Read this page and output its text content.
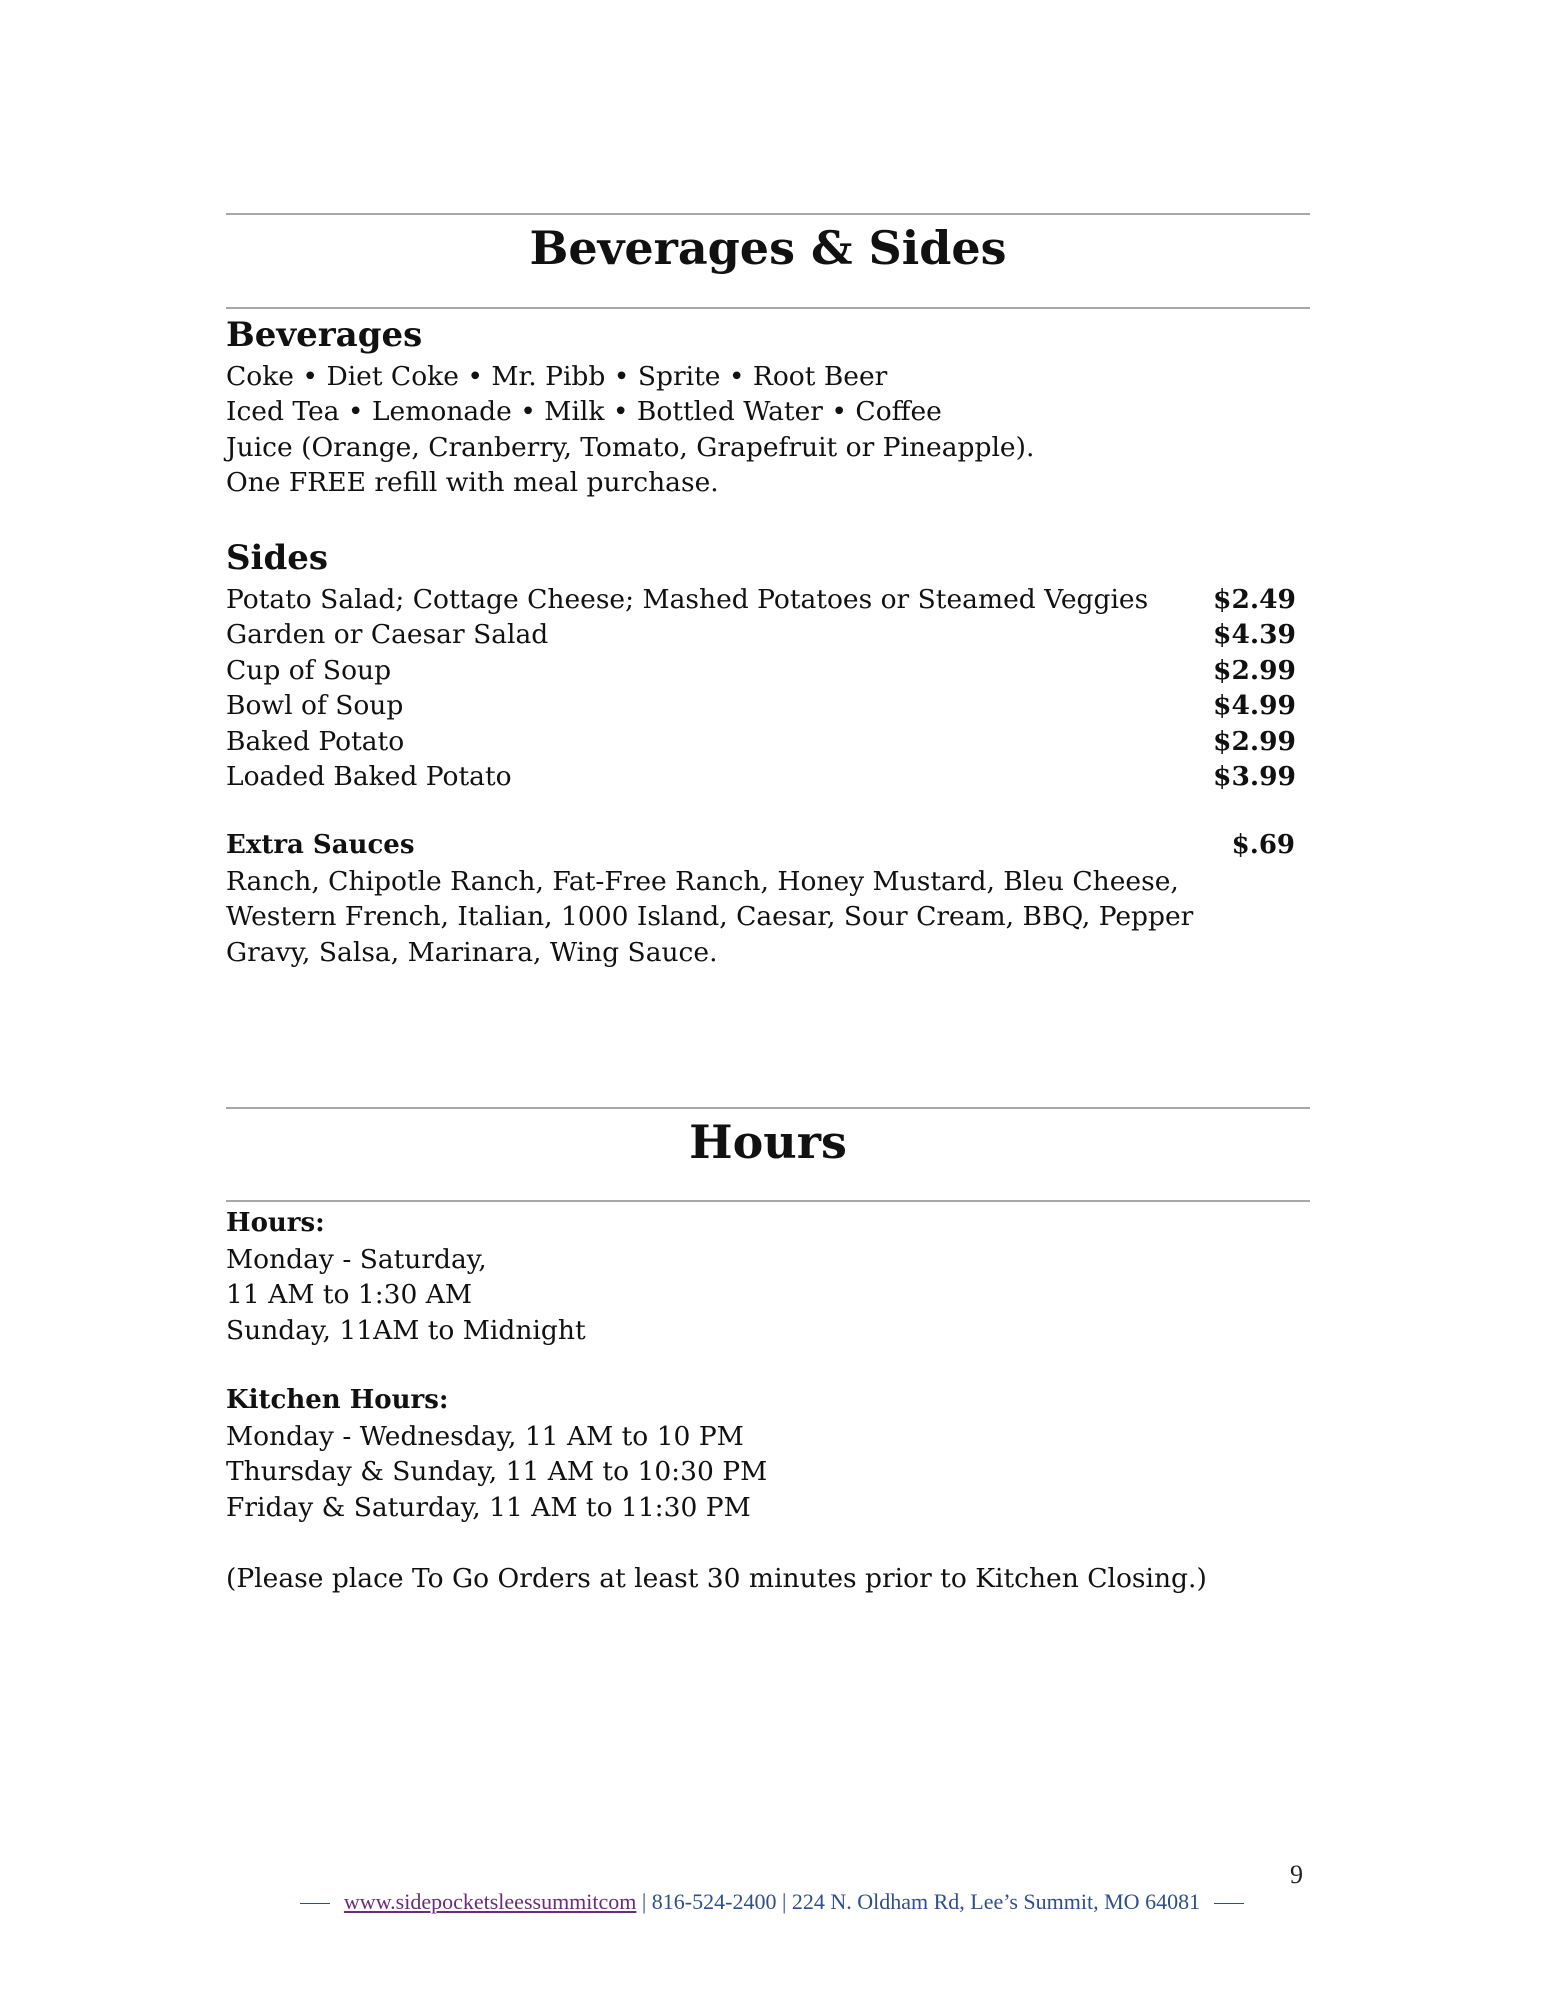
Beverages & Sides
Beverages
Coke • Diet Coke • Mr. Pibb • Sprite • Root Beer
Iced Tea • Lemonade • Milk • Bottled Water • Coffee
Juice (Orange, Cranberry, Tomato, Grapefruit or Pineapple).
One FREE refill with meal purchase.
Sides
Potato Salad; Cottage Cheese; Mashed Potatoes or Steamed Veggies $2.49
Garden or Caesar Salad	$4.39
Cup of Soup	$2.99
Bowl of Soup	$4.99
Baked Potato	$2.99
Loaded Baked Potato	$3.99
Extra Sauces	$.69
Ranch, Chipotle Ranch, Fat-Free Ranch, Honey Mustard, Bleu Cheese,
Western French, Italian, 1000 Island, Caesar, Sour Cream, BBQ, Pepper
Gravy, Salsa, Marinara, Wing Sauce.
Hours
Hours:
Monday - Saturday,
11 AM to 1:30 AM
Sunday, 11AM to Midnight
Kitchen Hours:
Monday - Wednesday, 11 AM to 10 PM
Thursday & Sunday, 11 AM to 10:30 PM
Friday & Saturday, 11 AM to 11:30 PM
(Please place To Go Orders at least 30 minutes prior to Kitchen Closing.)
9
www.sidepocketsleessummitcom | 816-524-2400 | 224 N. Oldham Rd, Lee’s Summit, MO 64081
